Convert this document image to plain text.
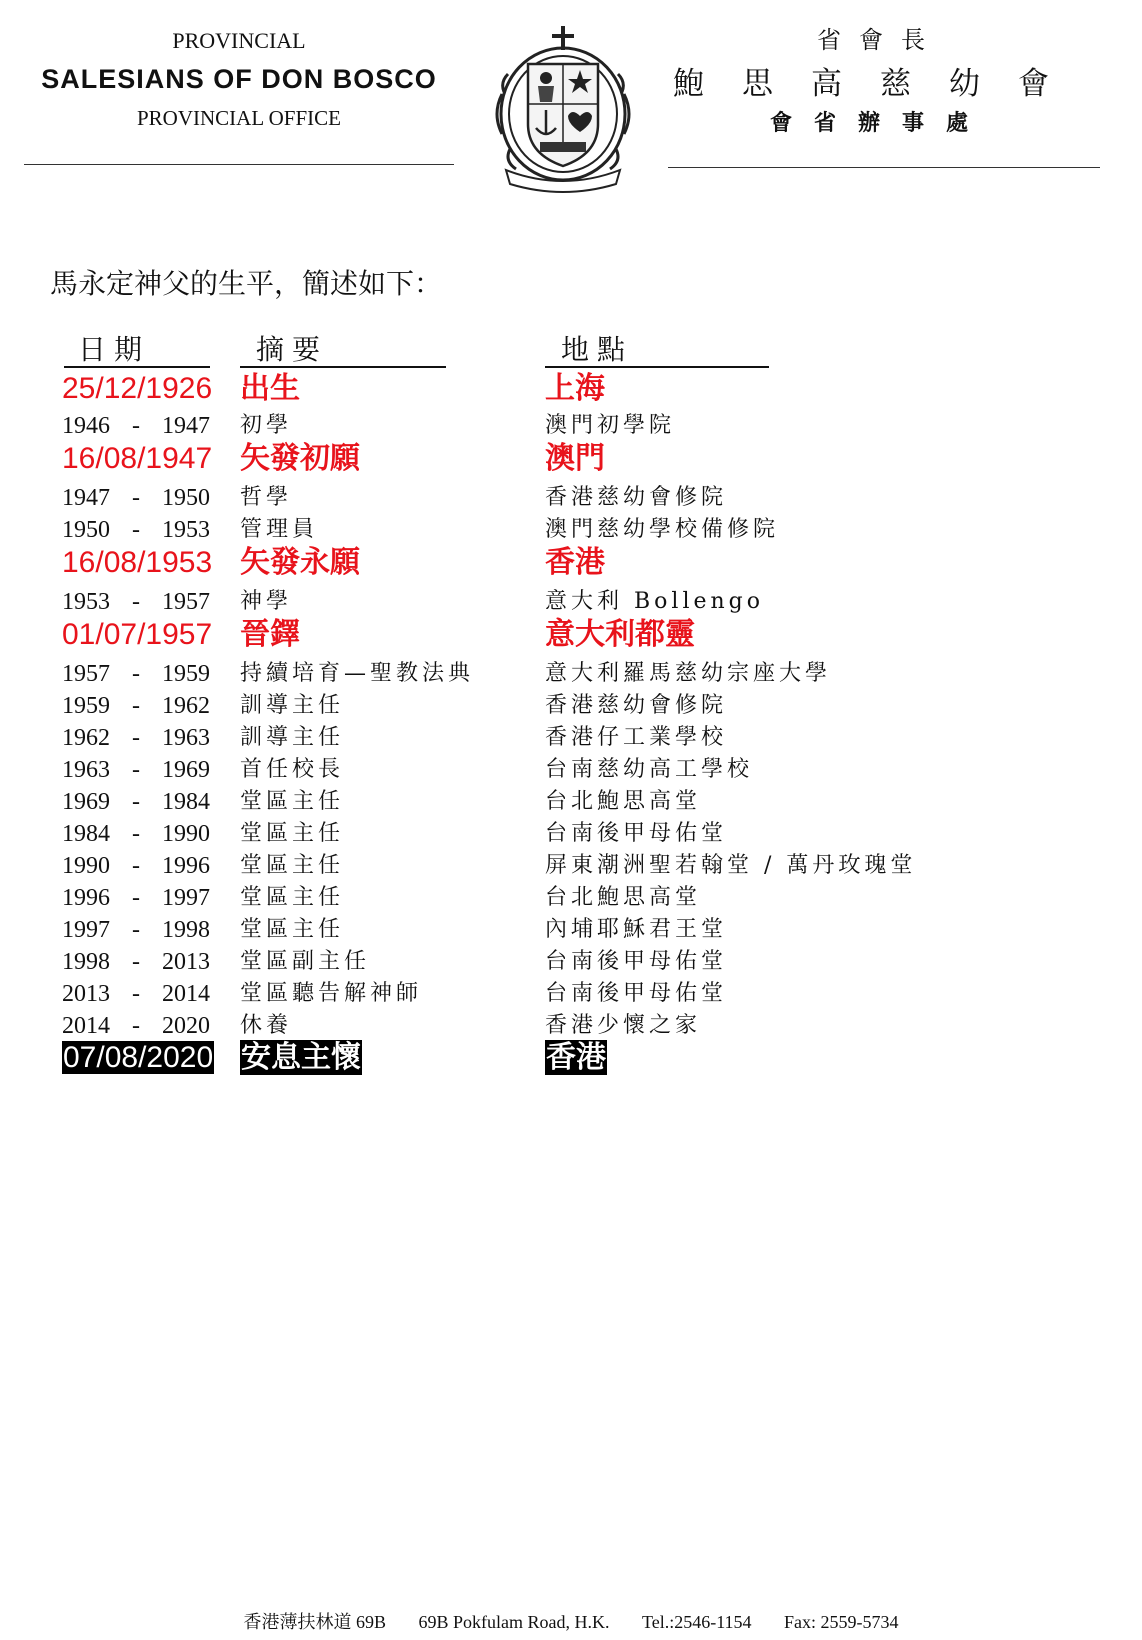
PROVINCIAL
SALESIANS OF DON BOSCO
PROVINCIAL OFFICE
省會長
鮑思高慈幼會
會省辦事處
馬永定神父的生平，簡述如下：
日期	摘要	地點
25/12/1926 出生	上海
1946 - 1947 初學	澳門初學院
16/08/1947 矢發初願	澳門
1947 - 1950 哲學	香港慈幼會修院
1950 - 1953 管理員	澳門慈幼學校備修院
16/08/1953 矢發永願	香港
1953 - 1957 神學	意大利 Bollengo
01/07/1957 晉鐸	意大利都靈
1957 - 1959 持續培育—聖教法典	意大利羅馬慈幼宗座大學
1959 - 1962 訓導主任	香港慈幼會修院
1962 - 1963 訓導主任	香港仔工業學校
1963 - 1969 首任校長	台南慈幼高工學校
1969 - 1984 堂區主任	台北鮑思高堂
1984 - 1990 堂區主任	台南後甲母佑堂
1990 - 1996 堂區主任	屏東潮洲聖若翰堂 / 萬丹玫瑰堂
1996 - 1997 堂區主任	台北鮑思高堂
1997 - 1998 堂區主任	內埔耶穌君王堂
1998 - 2013 堂區副主任	台南後甲母佑堂
2013 - 2014 堂區聽告解神師	台南後甲母佑堂
2014 - 2020 休養	香港少懷之家
07/08/2020 安息主懷	香港
香港薄扶林道 69B 69B Pokfulam Road, H.K. Tel.:2546-1154 Fax: 2559-5734
